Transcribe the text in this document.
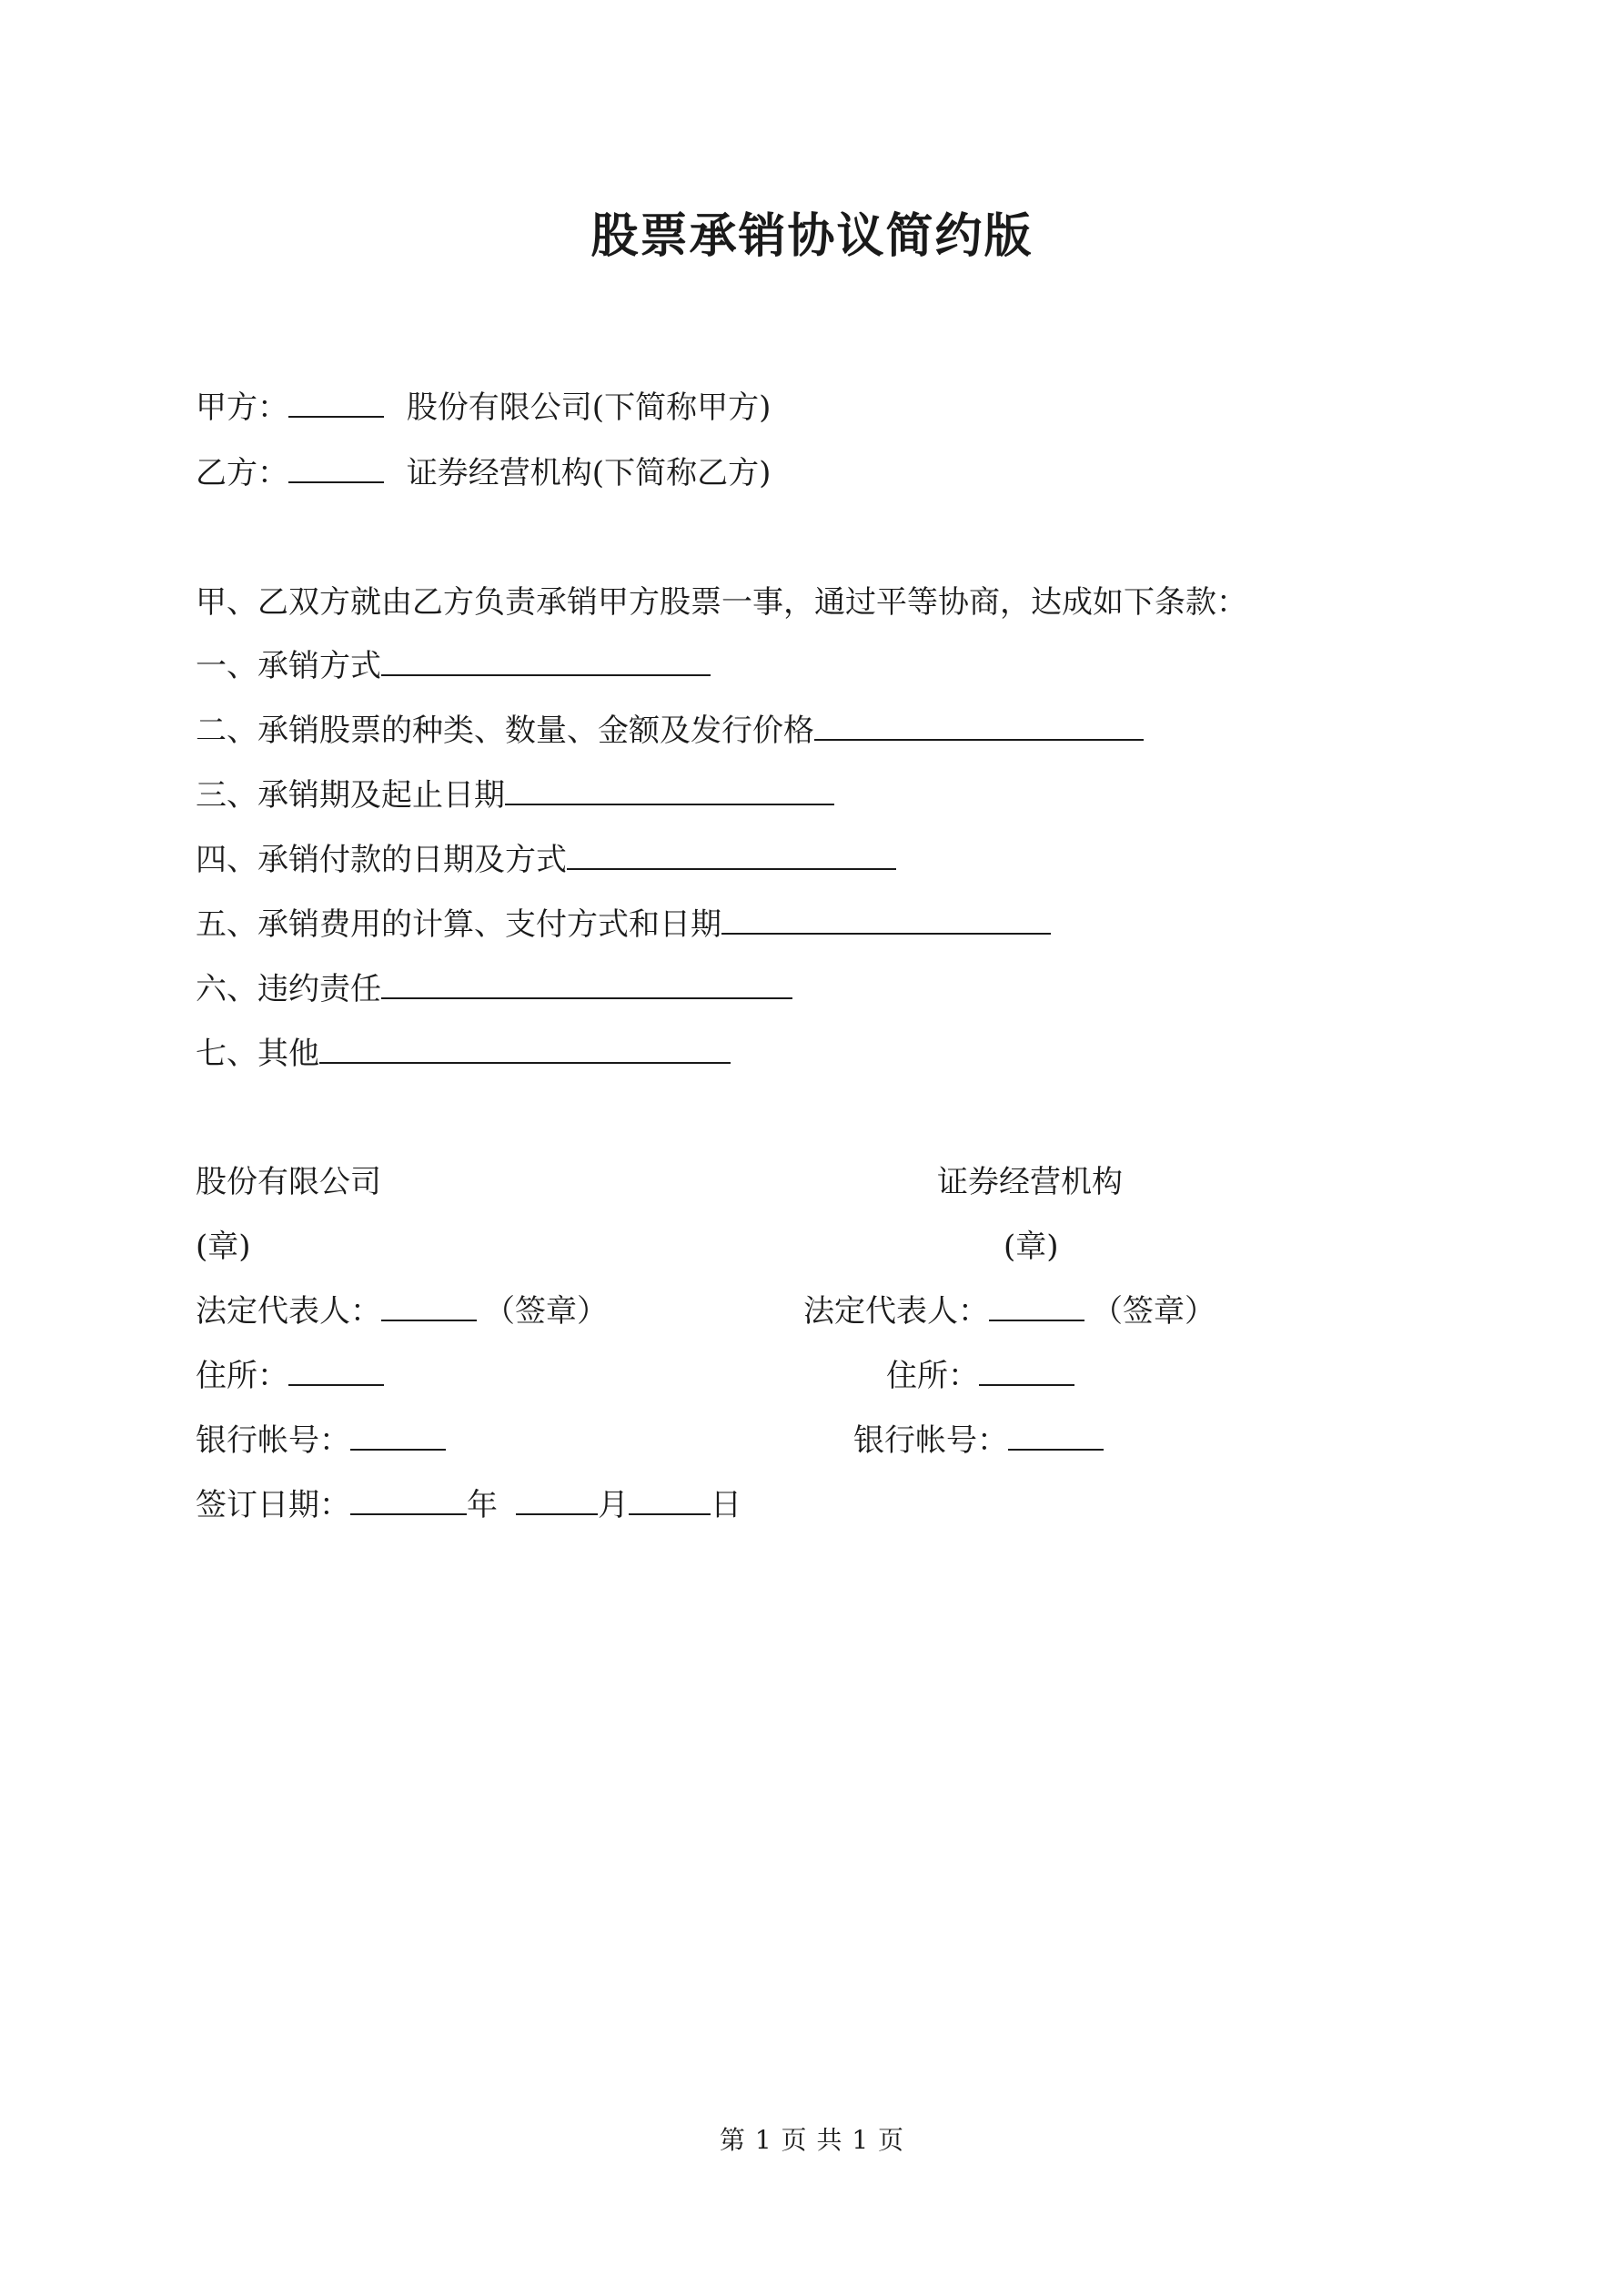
股票承销协议简约版
甲方：	股份有限公司(下简称甲方)
乙方：	证券经营机构(下简称乙方)
甲、乙双方就由乙方负责承销甲方股票一事，通过平等协商，达成如下条款：
一、承销方式
二、承销股票的种类、数量、金额及发行价格
三、承销期及起止日期
四、承销付款的日期及方式
五、承销费用的计算、支付方式和日期
六、违约责任
七、其他
股份有限公司
(章)
法定代表人：	（签章）
住所：
银行帐号：
证券经营机构
(章)
法定代表人：	（签章）
住所：
银行帐号：
签订日期：	年	月	日
第 1 页 共 1 页
